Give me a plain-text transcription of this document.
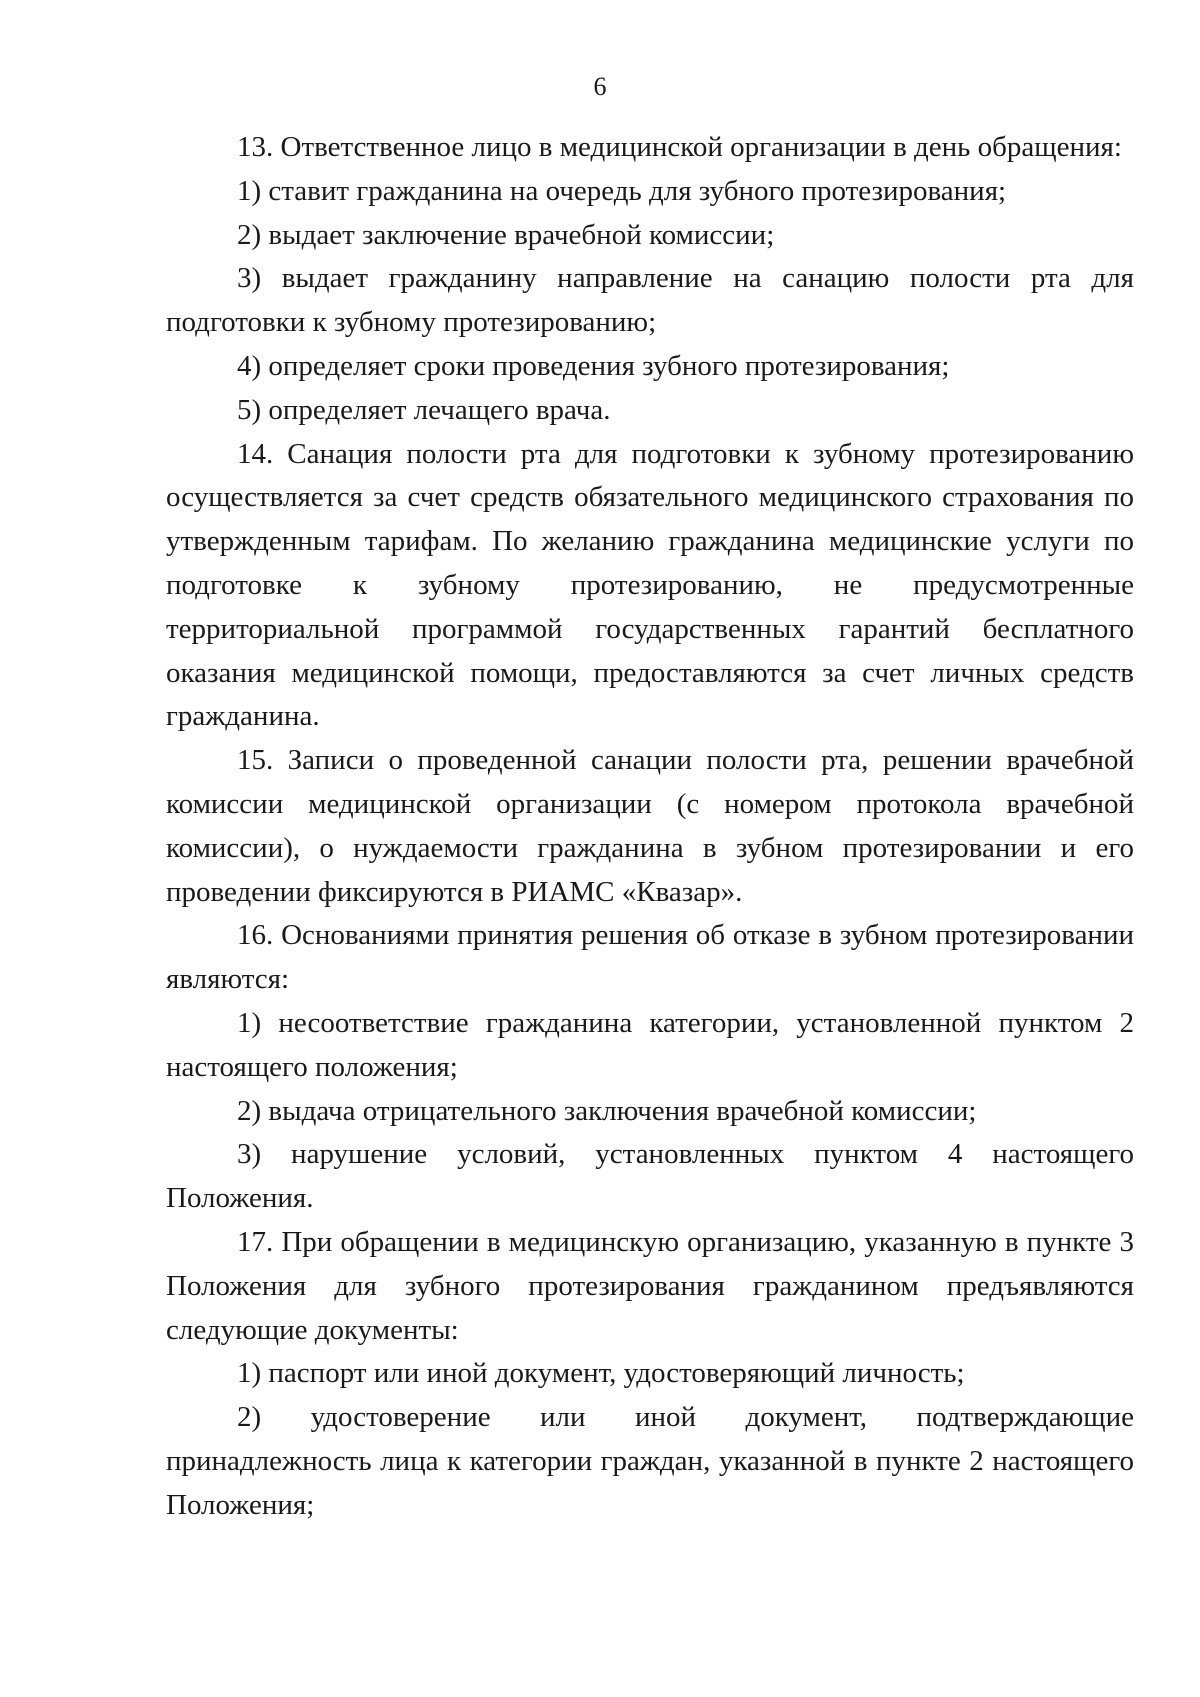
6

13. Ответственное лицо в медицинской организации в день обращения:

1) ставит гражданина на очередь для зубного протезирования;

2) выдает заключение врачебной комиссии;

3) выдает гражданину направление на санацию полости рта для подготовки к зубному протезированию;

4) определяет сроки проведения зубного протезирования;

5) определяет лечащего врача.

14. Санация полости рта для подготовки к зубному протезированию осуществляется за счет средств обязательного медицинского страхования по утвержденным тарифам. По желанию гражданина медицинские услуги по подготовке к зубному протезированию, не предусмотренные территориальной программой государственных гарантий бесплатного оказания медицинской помощи, предоставляются за счет личных средств гражданина.

15. Записи о проведенной санации полости рта, решении врачебной комиссии медицинской организации (с номером протокола врачебной комиссии), о нуждаемости гражданина в зубном протезировании и его проведении фиксируются в РИАМС «Квазар».

16. Основаниями принятия решения об отказе в зубном протезировании являются:

1) несоответствие гражданина категории, установленной пунктом 2 настоящего положения;

2) выдача отрицательного заключения врачебной комиссии;

3) нарушение условий, установленных пунктом 4 настоящего Положения.

17. При обращении в медицинскую организацию, указанную в пункте 3 Положения для зубного протезирования гражданином предъявляются следующие документы:

1) паспорт или иной документ, удостоверяющий личность;

2) удостоверение или иной документ, подтверждающие принадлежность лица к категории граждан, указанной в пункте 2 настоящего Положения;
